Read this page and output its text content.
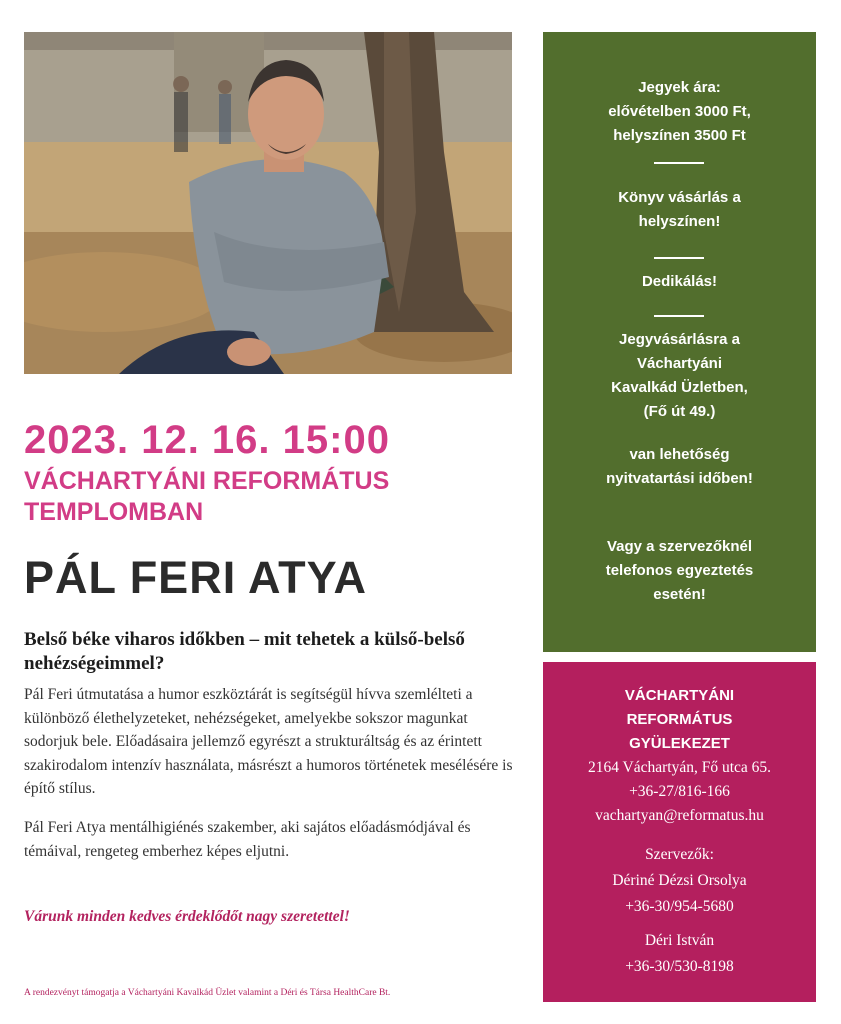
2023. 12. 16. 15:00
VÁCHARTYÁNI REFORMÁTUS TEMPLOMBAN
PÁL FERI ATYA
Belső béke viharos időkben – mit tehetek a külső-belső nehézségeimmel?

Pál Feri útmutatása a humor eszköztárát is segítségül hívva szemlélteti a különböző élethelyzeteket, nehézségeket, amelyekbe sokszor magunkat sodorjuk bele. Előadásaira jellemző egyrészt a strukturáltság és az érintett szakirodalom intenzív használata, másrészt a humoros történetek mesélésére is építő stílus.

Pál Feri Atya mentálhigiénés szakember, aki sajátos előadásmódjával és témáival, rengeteg emberhez képes eljutni.

Várunk minden kedves érdeklődőt nagy szeretettel!

A rendezvényt támogatja a Váchartyáni Kavalkád Üzlet valamint a Déri és Társa HealthCare Bt.

Jegyek ára:

elővételben 3000 Ft,

helyszínen 3500 Ft

Könyv vásárlás a

helyszínen!

Dedikálás!

Jegyvásárlásra a

Váchartyáni

Kavalkád Üzletben,

(Fő út 49.)

van lehetőség

nyitvatartási időben!

Vagy a szervezőknél

telefonos egyeztetés

esetén!

VÁCHARTYÁNI

REFORMÁTUS

GYÜLEKEZET

2164 Váchartyán, Fő utca 65.

+36-27/816-166

vachartyan@reformatus.hu

Szervezők:

Dériné Dézsi Orsolya

+36-30/954-5680

Déri István

+36-30/530-8198
